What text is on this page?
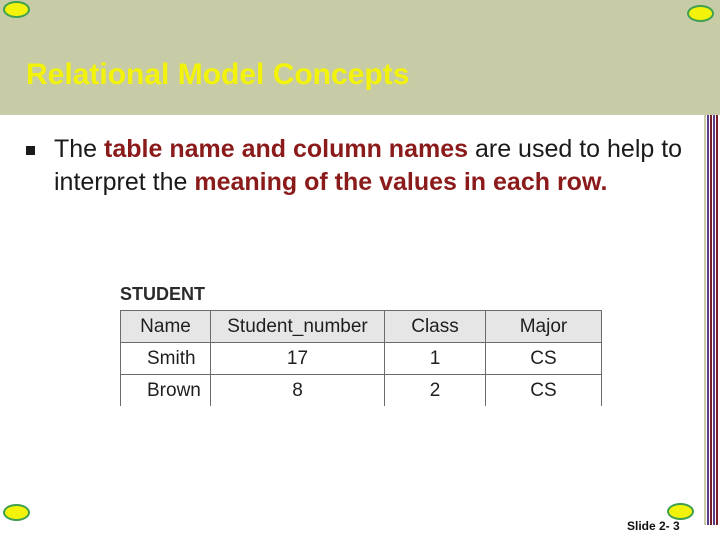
Relational Model Concepts
The table name and column names are used to help to interpret the meaning of the values in each row.
STUDENT
Name	Student_number	Class	Major
Smith	17	1	CS
Brown	8	2	CS
Slide 2- 3
